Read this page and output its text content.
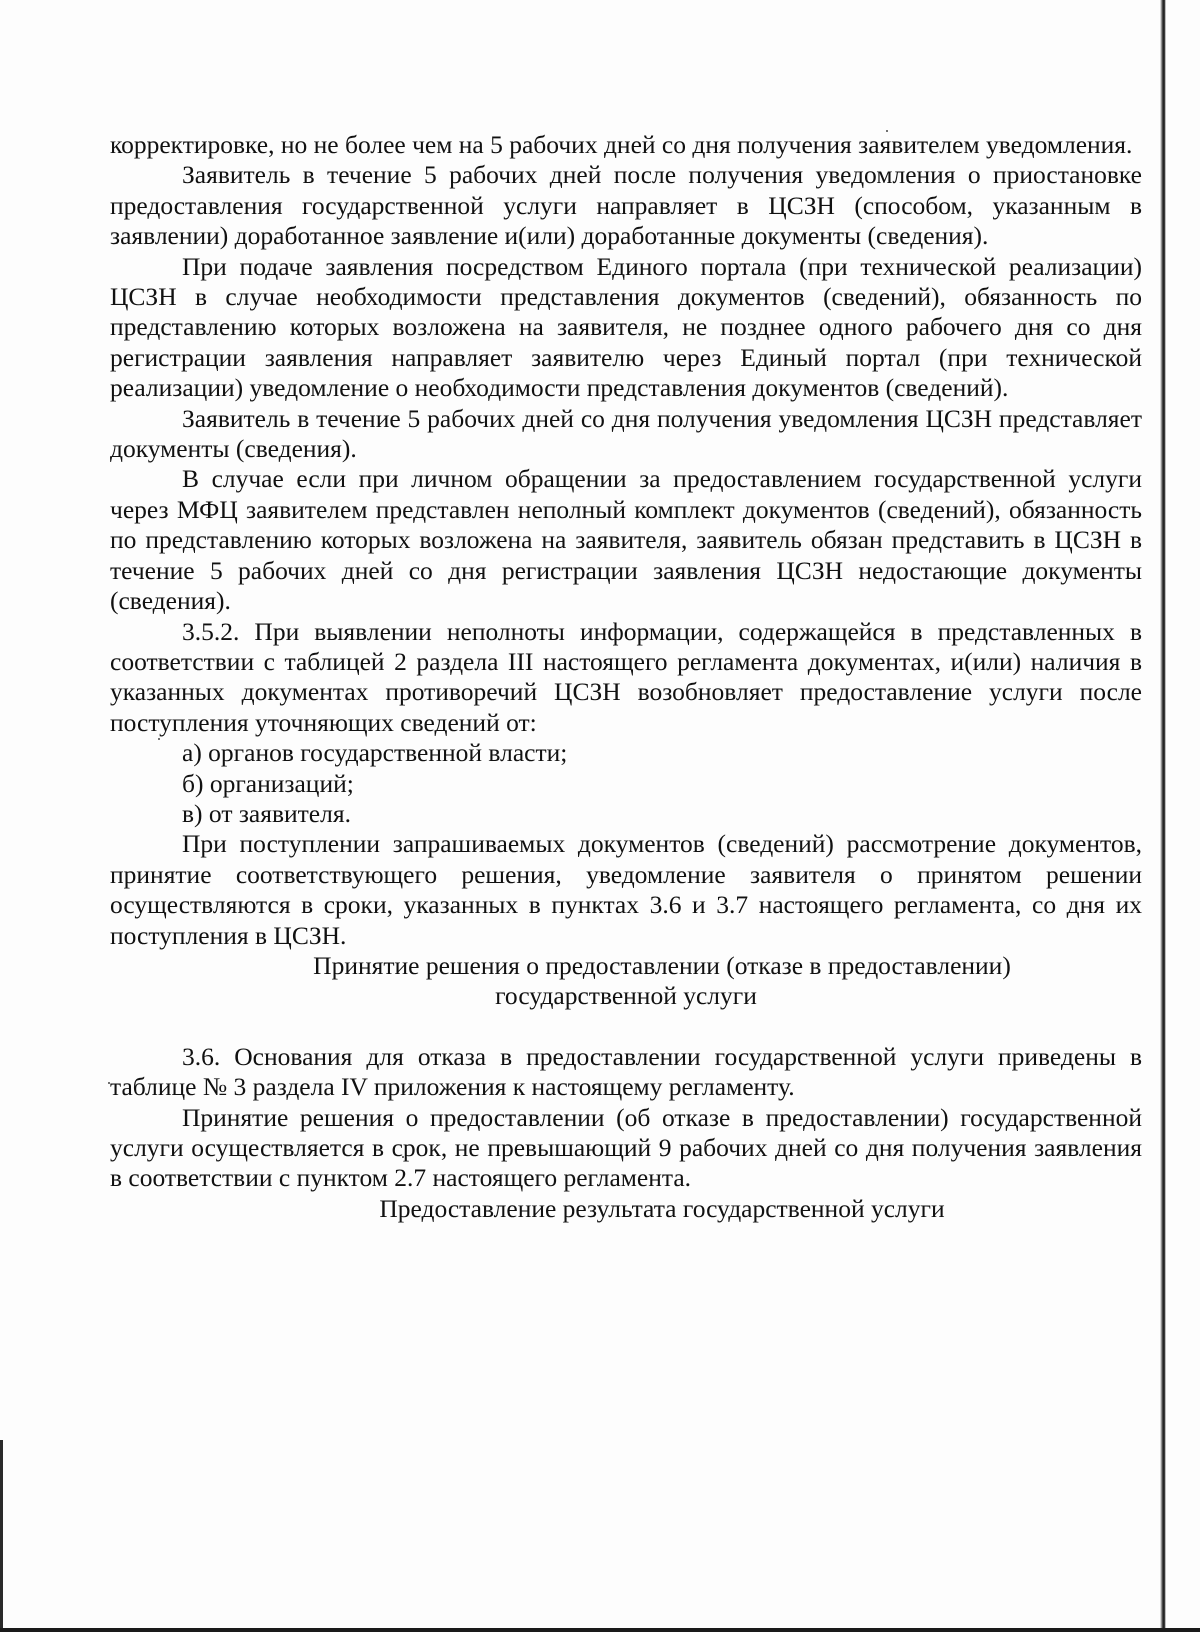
корректировке, но не более чем на 5 рабочих дней со дня получения заявителем уведомления.

Заявитель в течение 5 рабочих дней после получения уведомления о приостановке предоставления государственной услуги направляет в ЦСЗН (способом, указанным в заявлении) доработанное заявление и(или) доработанные документы (сведения).

При подаче заявления посредством Единого портала (при технической реализации) ЦСЗН в случае необходимости представления документов (сведений), обязанность по представлению которых возложена на заявителя, не позднее одного рабочего дня со дня регистрации заявления направляет заявителю через Единый портал (при технической реализации) уведомление о необходимости представления документов (сведений).

Заявитель в течение 5 рабочих дней со дня получения уведомления ЦСЗН представляет документы (сведения).

В случае если при личном обращении за предоставлением государственной услуги через МФЦ заявителем представлен неполный комплект документов (сведений), обязанность по представлению которых возложена на заявителя, заявитель обязан представить в ЦСЗН в течение 5 рабочих дней со дня регистрации заявления ЦСЗН недостающие документы (сведения).

3.5.2. При выявлении неполноты информации, содержащейся в представленных в соответствии с таблицей 2 раздела III настоящего регламента документах, и(или) наличия в указанных документах противоречий ЦСЗН возобновляет предоставление услуги после поступления уточняющих сведений от:

а) органов государственной власти;

б) организаций;

в) от заявителя.

При поступлении запрашиваемых документов (сведений) рассмотрение документов, принятие соответствующего решения, уведомление заявителя о принятом решении осуществляются в сроки, указанных в пунктах 3.6 и 3.7 настоящего регламента, со дня их поступления в ЦСЗН.

Принятие решения о предоставлении (отказе в предоставлении)
государственной услуги

3.6. Основания для отказа в предоставлении государственной услуги приведены в таблице № 3 раздела IV приложения к настоящему регламенту.

Принятие решения о предоставлении (об отказе в предоставлении) государственной услуги осуществляется в срок, не превышающий 9 рабочих дней со дня получения заявления в соответствии с пунктом 2.7 настоящего регламента.

Предоставление результата государственной услуги
